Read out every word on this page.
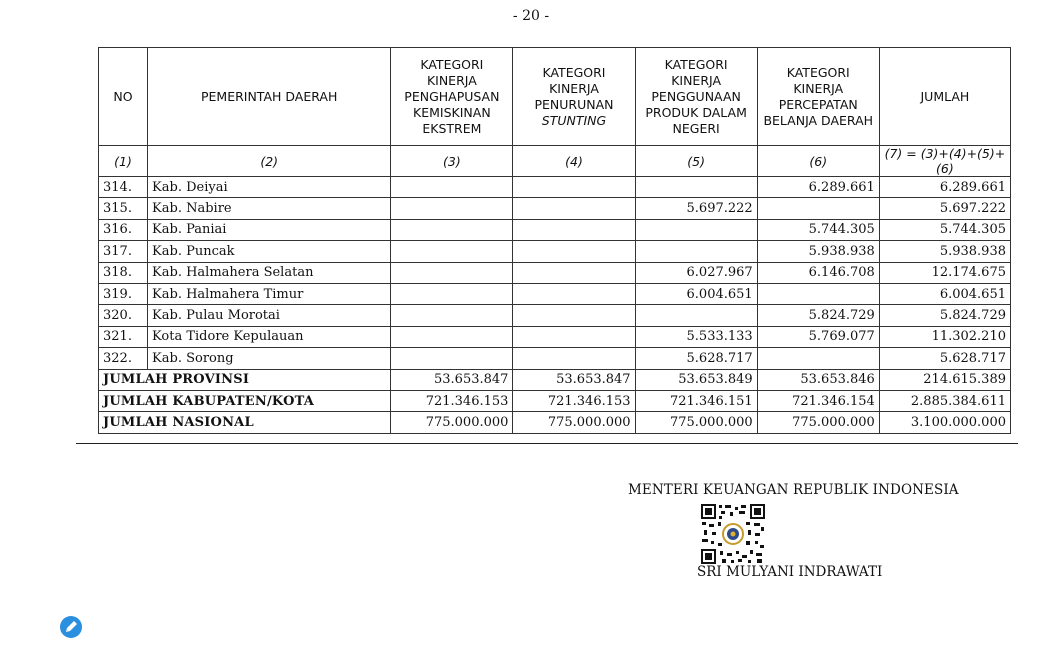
- 20 -
NO	PEMERINTAH DAERAH	KATEGORI KINERJA PENGHAPUSAN KEMISKINAN EKSTREM	KATEGORI KINERJA PENURUNAN
STUNTING	KATEGORI KINERJA PENGGUNAAN PRODUK DALAM NEGERI	KATEGORI KINERJA PERCEPATAN BELANJA DAERAH	JUMLAH
(1)	(2)	(3)	(4)	(5)	(6)	(7) = (3)+(4)+(5)+(6)
314.	Kab. Deiyai				6.289.661	6.289.661
315.	Kab. Nabire			5.697.222		5.697.222
316.	Kab. Paniai				5.744.305	5.744.305
317.	Kab. Puncak				5.938.938	5.938.938
318.	Kab. Halmahera Selatan			6.027.967	6.146.708	12.174.675
319.	Kab. Halmahera Timur			6.004.651		6.004.651
320.	Kab. Pulau Morotai				5.824.729	5.824.729
321.	Kota Tidore Kepulauan			5.533.133	5.769.077	11.302.210
322.	Kab. Sorong			5.628.717		5.628.717
JUMLAH PROVINSI		53.653.847	53.653.847	53.653.849	53.653.846	214.615.389
JUMLAH KABUPATEN/KOTA		721.346.153	721.346.153	721.346.151	721.346.154	2.885.384.611
JUMLAH NASIONAL		775.000.000	775.000.000	775.000.000	775.000.000	3.100.000.000
MENTERI KEUANGAN REPUBLIK INDONESIA
SRI MULYANI INDRAWATI
